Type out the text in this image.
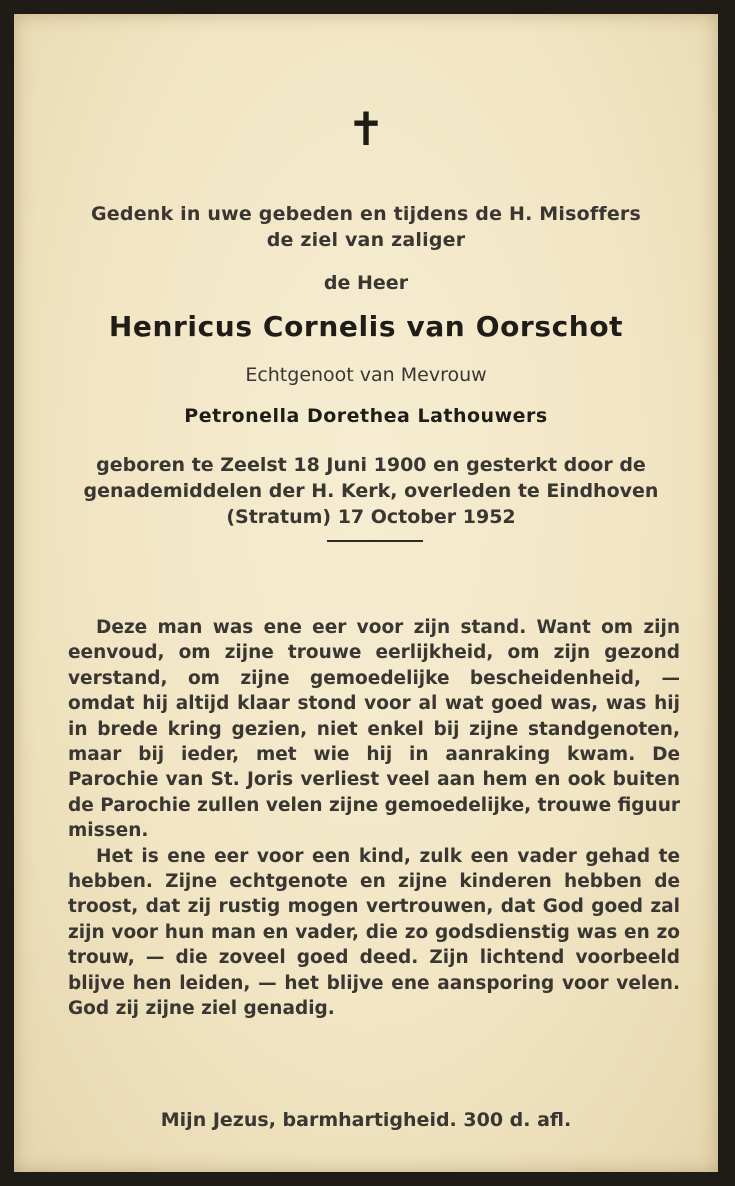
✝
Gedenk in uwe gebeden en tijdens de H. Misoffers
de ziel van zaliger
de Heer
Henricus Cornelis van Oorschot
Echtgenoot van Mevrouw
Petronella Dorethea Lathouwers
geboren te Zeelst 18 Juni 1900 en gesterkt door de genademiddelen der H. Kerk, overleden te Eindhoven (Stratum) 17 October 1952

Deze man was ene eer voor zijn stand. Want om zijn eenvoud, om zijne trouwe eerlijkheid, om zijn gezond verstand, om zijne gemoedelijke bescheidenheid, — omdat hij altijd klaar stond voor al wat goed was, was hij in brede kring gezien, niet enkel bij zijne standgenoten, maar bij ieder, met wie hij in aanraking kwam. De Parochie van St. Joris verliest veel aan hem en ook buiten de Parochie zullen velen zijne gemoedelijke, trouwe figuur missen.

Het is ene eer voor een kind, zulk een vader gehad te hebben. Zijne echtgenote en zijne kinderen hebben de troost, dat zij rustig mogen vertrouwen, dat God goed zal zijn voor hun man en vader, die zo godsdienstig was en zo trouw, — die zoveel goed deed. Zijn lichtend voorbeeld blijve hen leiden, — het blijve ene aansporing voor velen. God zij zijne ziel genadig.

Mijn Jezus, barmhartigheid. 300 d. afl.
